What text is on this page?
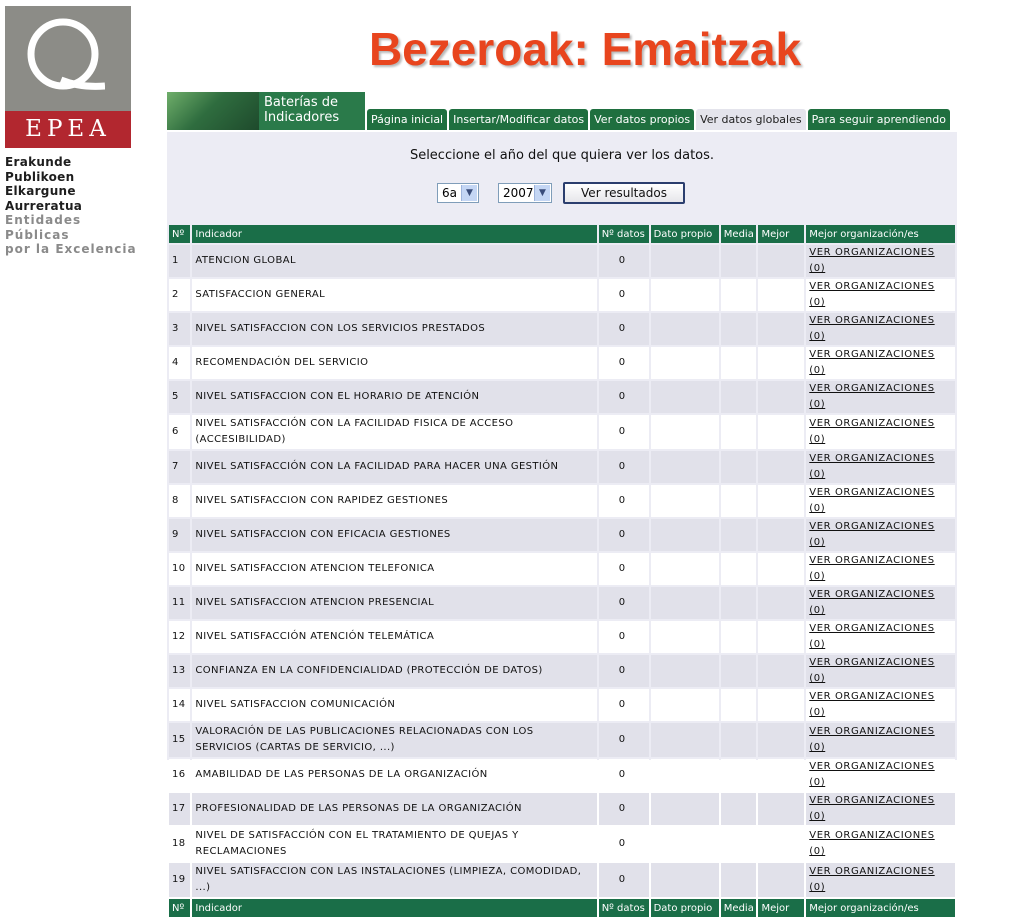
EPEA
Erakunde Publikoen
Elkargune Aurreratua
Entidades Públicas
por la Excelencia
Bezeroak: Emaitzak
Baterías de
Indicadores	Página inicial Insertar/Modificar datos Ver datos propios Ver datos globales Para seguir aprendiendo
Seleccione el año del que quiera ver los datos.
6a	▼	2007 ▼	Ver resultados
Nº	Indicador	Nº datos	Dato propio	Media	Mejor	Mejor organización/es
1	ATENCION GLOBAL	0				VER ORGANIZACIONES (0)
2	SATISFACCION GENERAL	0				VER ORGANIZACIONES (0)
3	NIVEL SATISFACCION CON LOS SERVICIOS PRESTADOS	0				VER ORGANIZACIONES (0)
4	RECOMENDACIÓN DEL SERVICIO	0				VER ORGANIZACIONES (0)
5	NIVEL SATISFACCION CON EL HORARIO DE ATENCIÓN	0				VER ORGANIZACIONES (0)
6	NIVEL SATISFACCIÓN CON LA FACILIDAD FISICA DE ACCESO (ACCESIBILIDAD)	0				VER ORGANIZACIONES (0)
7	NIVEL SATISFACCIÓN CON LA FACILIDAD PARA HACER UNA GESTIÓN	0				VER ORGANIZACIONES (0)
8	NIVEL SATISFACCION CON RAPIDEZ GESTIONES	0				VER ORGANIZACIONES (0)
9	NIVEL SATISFACCION CON EFICACIA GESTIONES	0				VER ORGANIZACIONES (0)
10	NIVEL SATISFACCION ATENCION TELEFONICA	0				VER ORGANIZACIONES (0)
11	NIVEL SATISFACCION ATENCION PRESENCIAL	0				VER ORGANIZACIONES (0)
12	NIVEL SATISFACCIÓN ATENCIÓN TELEMÁTICA	0				VER ORGANIZACIONES (0)
13	CONFIANZA EN LA CONFIDENCIALIDAD (PROTECCIÓN DE DATOS)	0				VER ORGANIZACIONES (0)
14	NIVEL SATISFACCION COMUNICACIÓN	0				VER ORGANIZACIONES (0)
15	VALORACIÓN DE LAS PUBLICACIONES RELACIONADAS CON LOS SERVICIOS (CARTAS DE SERVICIO, ...)	0				VER ORGANIZACIONES (0)
16	AMABILIDAD DE LAS PERSONAS DE LA ORGANIZACIÓN	0				VER ORGANIZACIONES (0)
17	PROFESIONALIDAD DE LAS PERSONAS DE LA ORGANIZACIÓN	0				VER ORGANIZACIONES (0)
18	NIVEL DE SATISFACCIÓN CON EL TRATAMIENTO DE QUEJAS Y RECLAMACIONES	0				VER ORGANIZACIONES (0)
19	NIVEL SATISFACCION CON LAS INSTALACIONES (LIMPIEZA, COMODIDAD, ...)	0				VER ORGANIZACIONES (0)
Nº	Indicador	Nº datos	Dato propio	Media	Mejor	Mejor organización/es
